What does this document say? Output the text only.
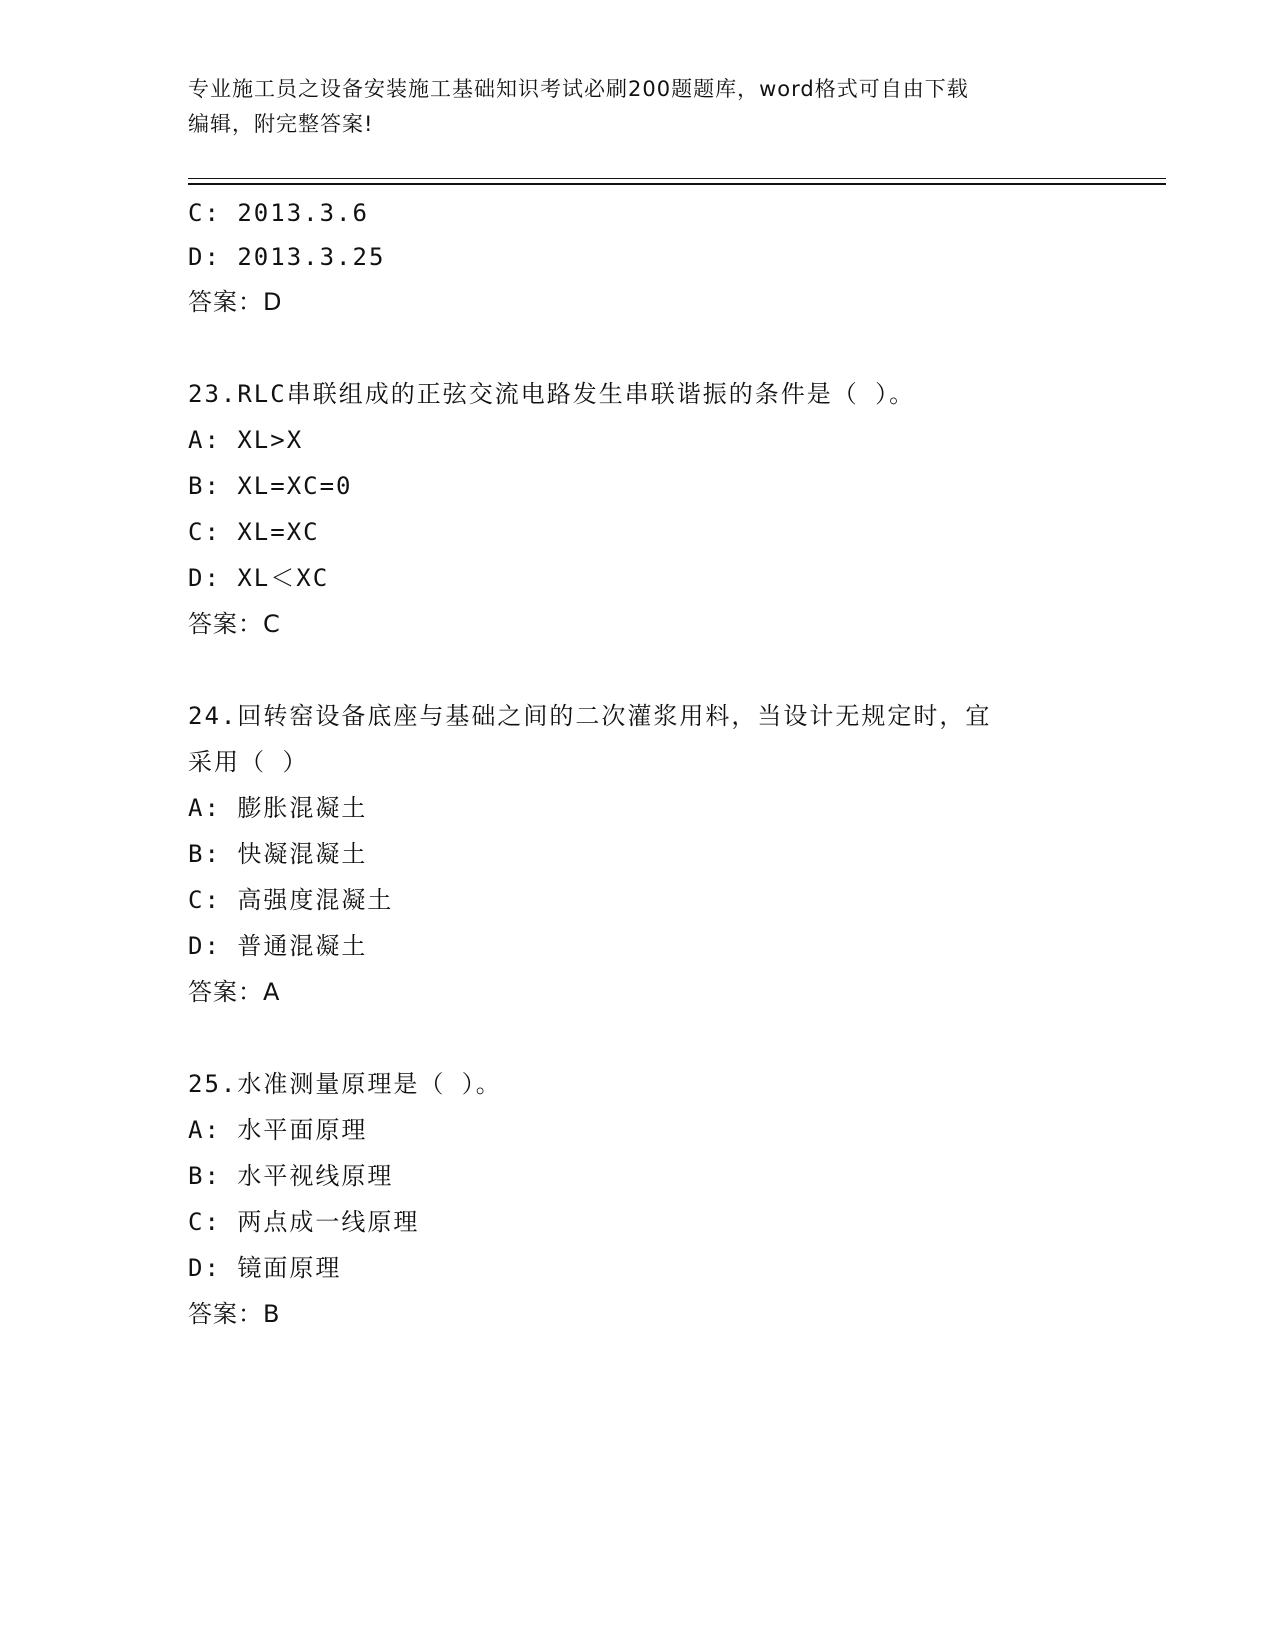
专业施工员之设备安装施工基础知识考试必刷200题题库，word格式可自由下载
编辑，附完整答案!
C: 2013.3.6
D: 2013.3.25
答案：D
23.RLC串联组成的正弦交流电路发生串联谐振的条件是（ ）。
A: XL>X
B: XL=XC=0
C: XL=XC
D: XL＜XC
答案：C
24.回转窑设备底座与基础之间的二次灌浆用料，当设计无规定时，宜
采用（ ）
A: 膨胀混凝土
B: 快凝混凝土
C: 高强度混凝土
D: 普通混凝土
答案：A
25.水准测量原理是（ ）。
A: 水平面原理
B: 水平视线原理
C: 两点成一线原理
D: 镜面原理
答案：B
